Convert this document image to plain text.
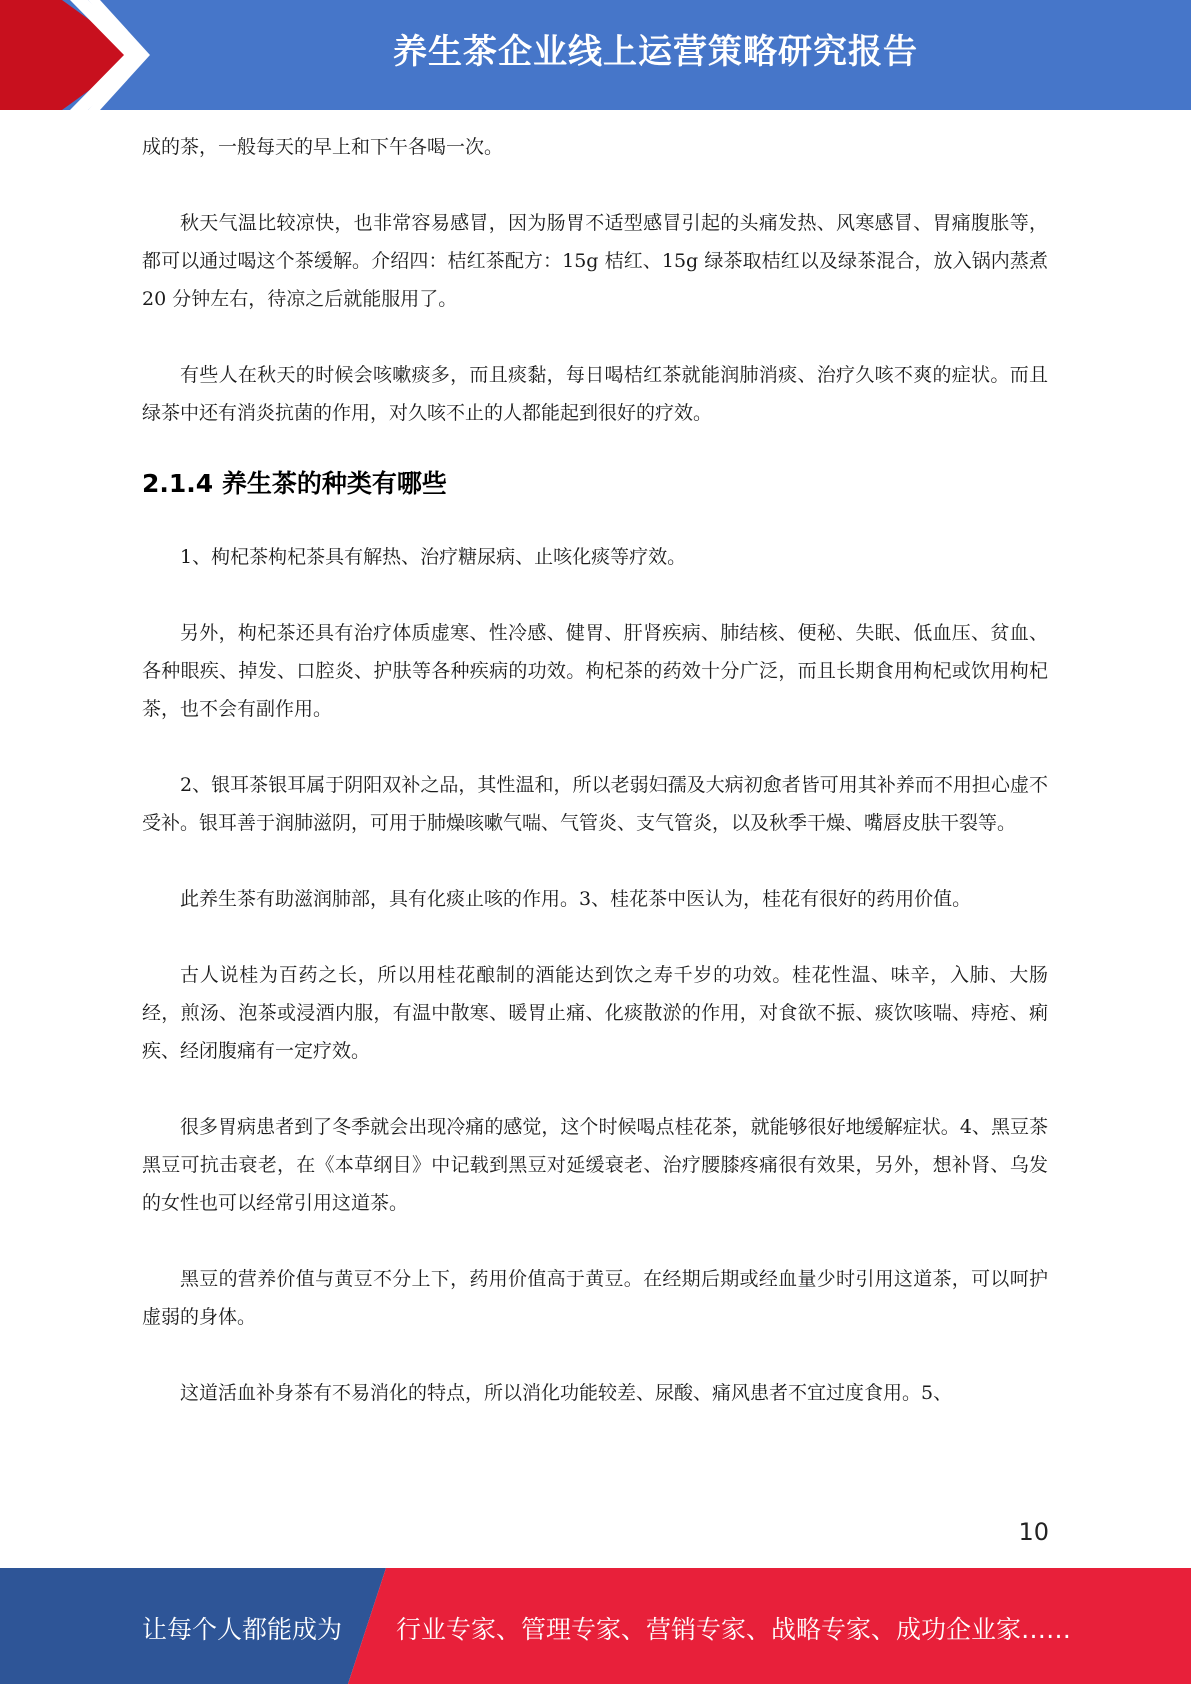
养生茶企业线上运营策略研究报告

成的茶，一般每天的早上和下午各喝一次。

秋天气温比较凉快，也非常容易感冒，因为肠胃不适型感冒引起的头痛发热、风寒感冒、胃痛腹胀等，都可以通过喝这个茶缓解。介绍四：桔红茶配方：15g 桔红、15g 绿茶取桔红以及绿茶混合，放入锅内蒸煮 20 分钟左右，待凉之后就能服用了。

有些人在秋天的时候会咳嗽痰多，而且痰黏，每日喝桔红茶就能润肺消痰、治疗久咳不爽的症状。而且绿茶中还有消炎抗菌的作用，对久咳不止的人都能起到很好的疗效。

2.1.4 养生茶的种类有哪些

1、枸杞茶枸杞茶具有解热、治疗糖尿病、止咳化痰等疗效。

另外，枸杞茶还具有治疗体质虚寒、性冷感、健胃、肝肾疾病、肺结核、便秘、失眠、低血压、贫血、各种眼疾、掉发、口腔炎、护肤等各种疾病的功效。枸杞茶的药效十分广泛，而且长期食用枸杞或饮用枸杞茶，也不会有副作用。

2、银耳茶银耳属于阴阳双补之品，其性温和，所以老弱妇孺及大病初愈者皆可用其补养而不用担心虚不受补。银耳善于润肺滋阴，可用于肺燥咳嗽气喘、气管炎、支气管炎，以及秋季干燥、嘴唇皮肤干裂等。

此养生茶有助滋润肺部，具有化痰止咳的作用。3、桂花茶中医认为，桂花有很好的药用价值。

古人说桂为百药之长，所以用桂花酿制的酒能达到饮之寿千岁的功效。桂花性温、味辛，入肺、大肠经，煎汤、泡茶或浸酒内服，有温中散寒、暖胃止痛、化痰散淤的作用，对食欲不振、痰饮咳喘、痔疮、痢疾、经闭腹痛有一定疗效。

很多胃病患者到了冬季就会出现冷痛的感觉，这个时候喝点桂花茶，就能够很好地缓解症状。4、黑豆茶黑豆可抗击衰老，在《本草纲目》中记载到黑豆对延缓衰老、治疗腰膝疼痛很有效果，另外，想补肾、乌发的女性也可以经常引用这道茶。

黑豆的营养价值与黄豆不分上下，药用价值高于黄豆。在经期后期或经血量少时引用这道茶，可以呵护虚弱的身体。

这道活血补身茶有不易消化的特点，所以消化功能较差、尿酸、痛风患者不宜过度食用。5、

10
让每个人都能成为 行业专家、管理专家、营销专家、战略专家、成功企业家……
